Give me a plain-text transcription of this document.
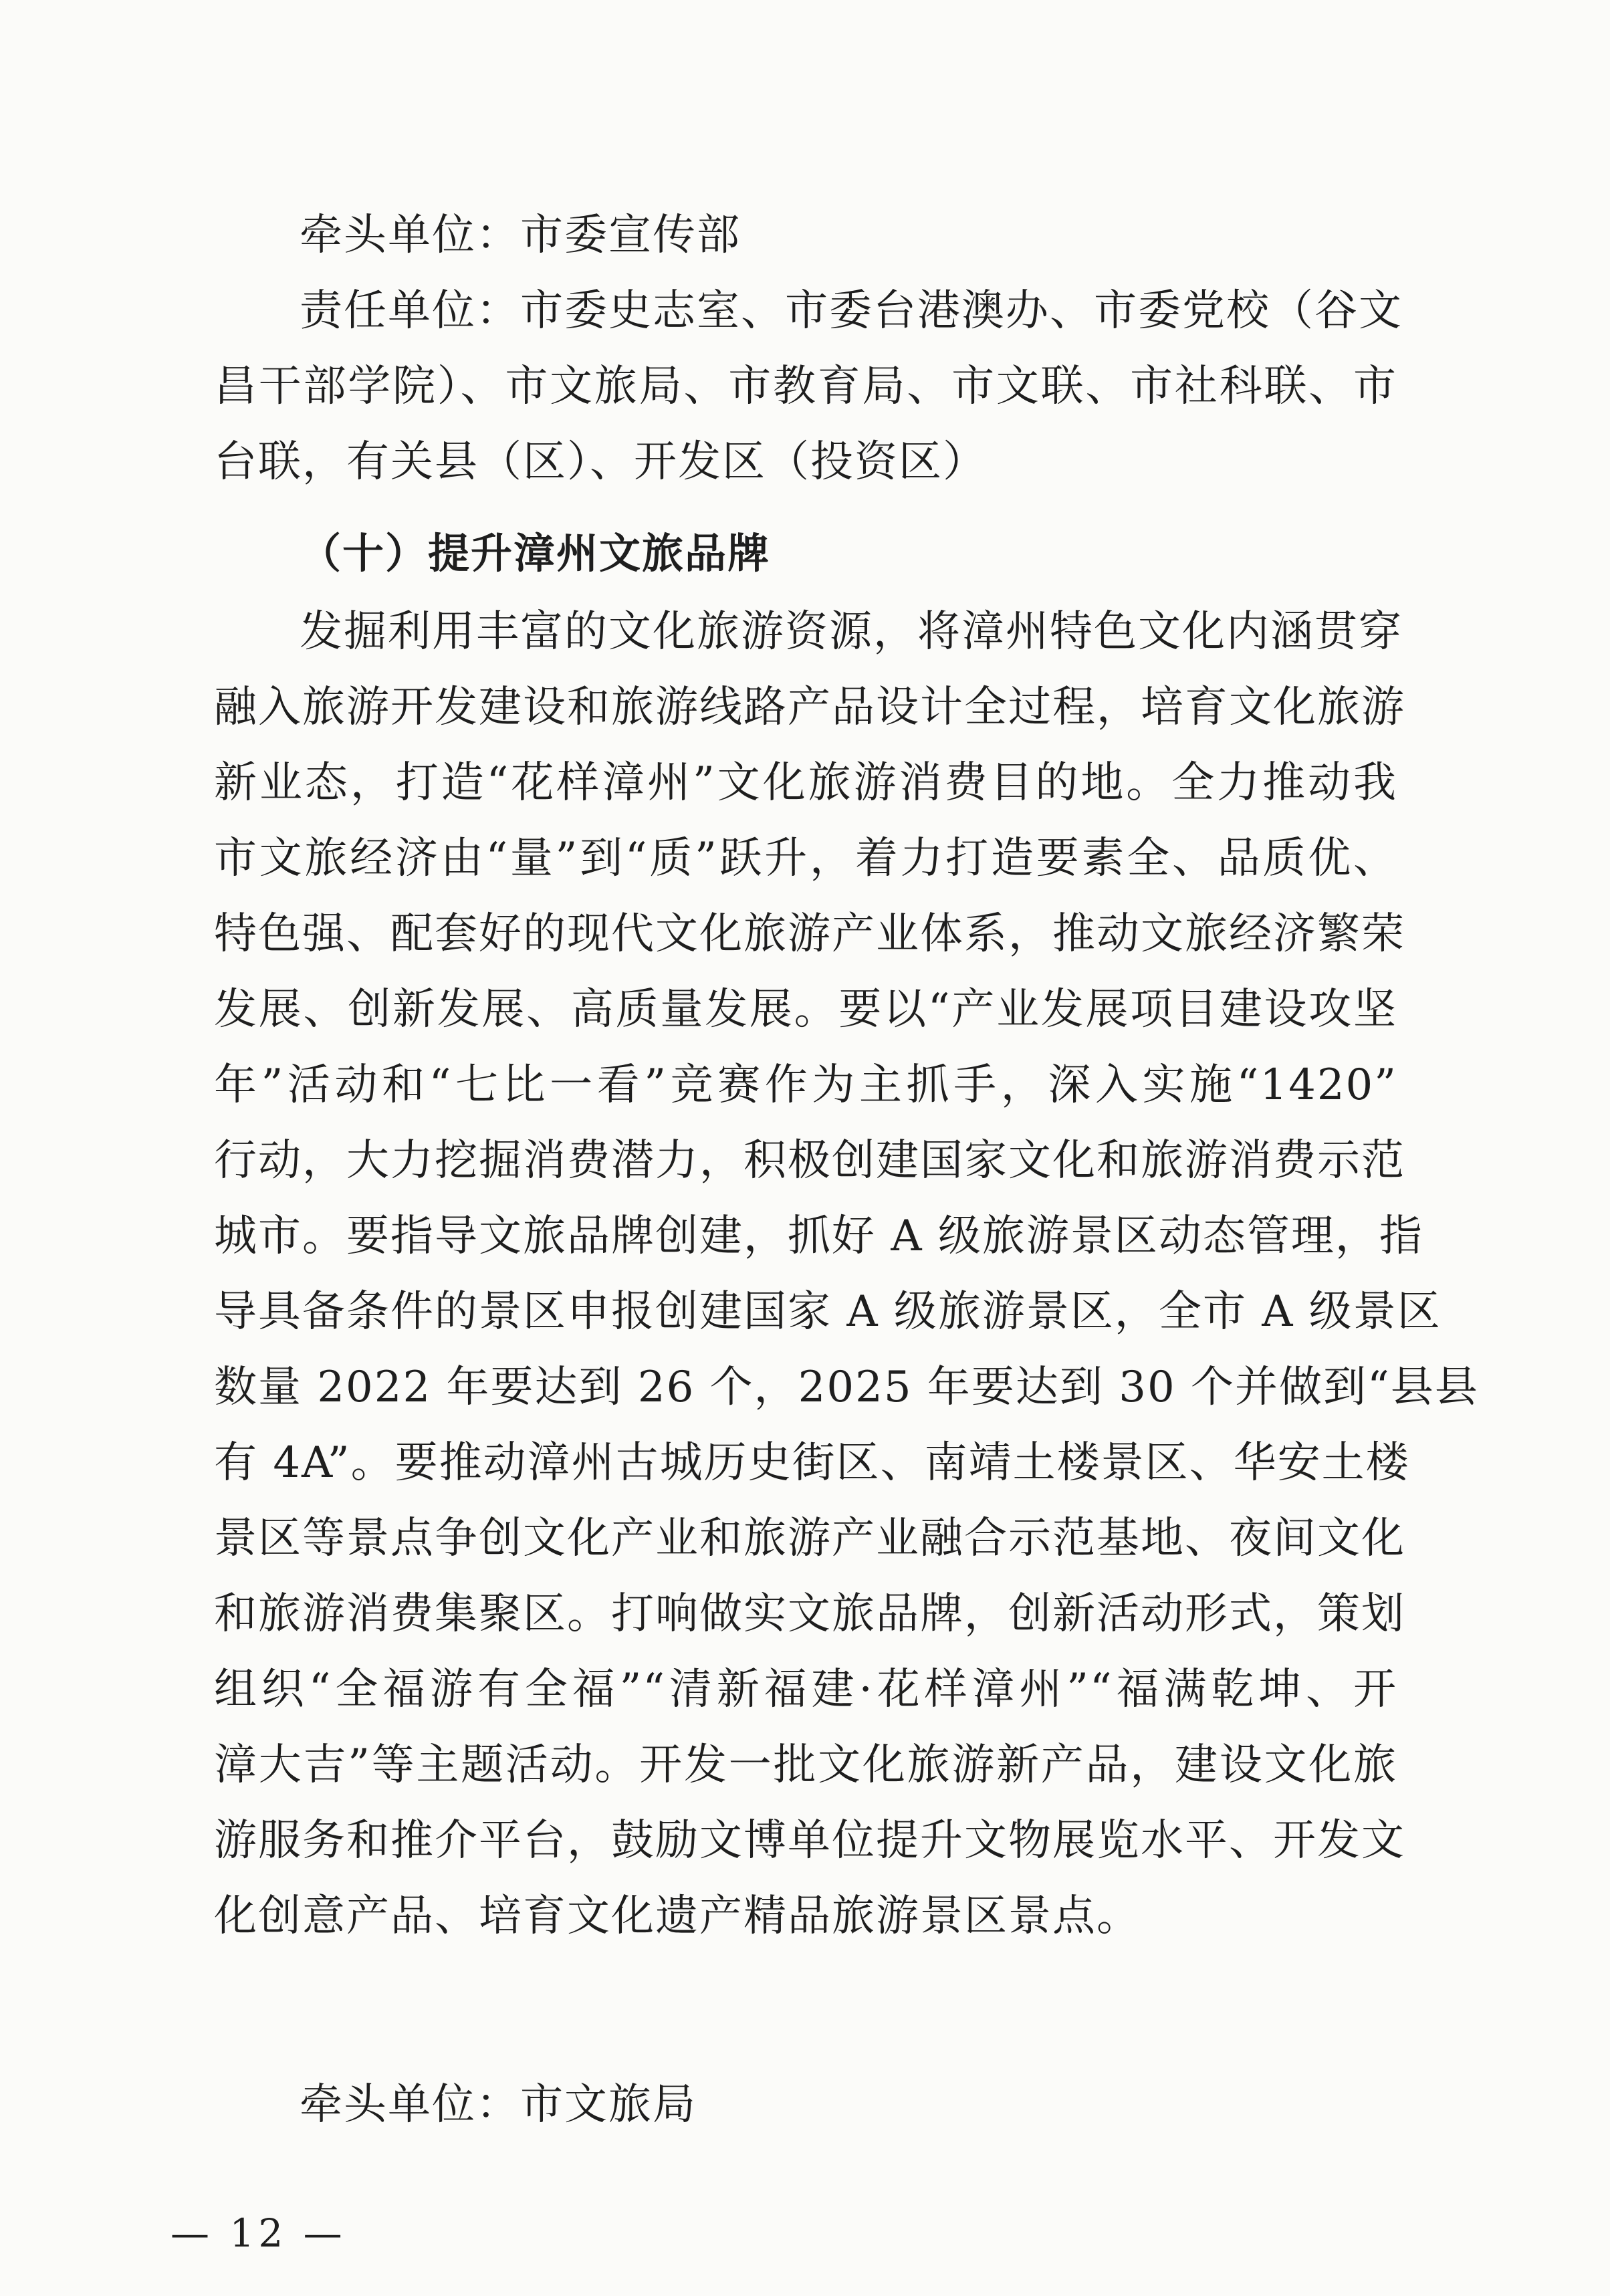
牵头单位：市委宣传部
责任单位：市委史志室、市委台港澳办、市委党校（谷文
昌干部学院）、市文旅局、市教育局、市文联、市社科联、市
台联，有关县（区）、开发区（投资区）
（十）提升漳州文旅品牌
发掘利用丰富的文化旅游资源，将漳州特色文化内涵贯穿
融入旅游开发建设和旅游线路产品设计全过程，培育文化旅游
新业态，打造“花样漳州”文化旅游消费目的地。全力推动我
市文旅经济由“量”到“质”跃升，着力打造要素全、品质优、
特色强、配套好的现代文化旅游产业体系，推动文旅经济繁荣
发展、创新发展、高质量发展。要以“产业发展项目建设攻坚
年”活动和“七比一看”竞赛作为主抓手，深入实施“1420”
行动，大力挖掘消费潜力，积极创建国家文化和旅游消费示范
城市。要指导文旅品牌创建，抓好 A 级旅游景区动态管理，指
导具备条件的景区申报创建国家 A 级旅游景区，全市 A 级景区
数量 2022 年要达到 26 个，2025 年要达到 30 个并做到“县县
有 4A”。要推动漳州古城历史街区、南靖土楼景区、华安土楼
景区等景点争创文化产业和旅游产业融合示范基地、夜间文化
和旅游消费集聚区。打响做实文旅品牌，创新活动形式，策划
组织“全福游有全福”“清新福建·花样漳州”“福满乾坤、开
漳大吉”等主题活动。开发一批文化旅游新产品，建设文化旅
游服务和推介平台，鼓励文博单位提升文物展览水平、开发文
化创意产品、培育文化遗产精品旅游景区景点。
牵头单位：市文旅局
— 12 —
